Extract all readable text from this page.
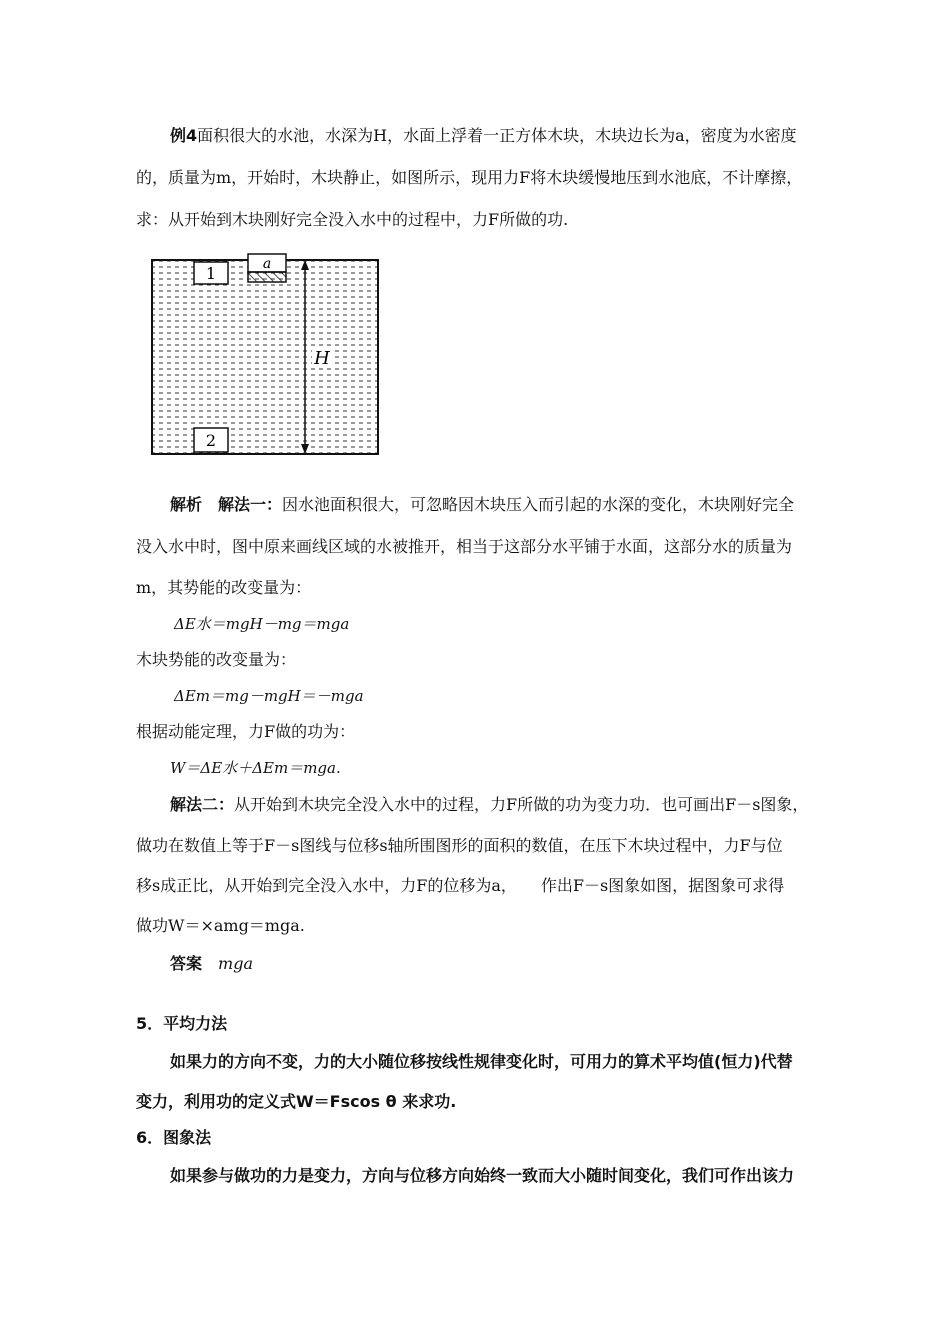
例4面积很大的水池，水深为H，水面上浮着一正方体木块，木块边长为a，密度为水密度
的，质量为m，开始时，木块静止，如图所示，现用力F将木块缓慢地压到水池底，不计摩擦，
求：从开始到木块刚好完全没入水中的过程中，力F所做的功.
1	a
H
2
解析　 解法一：因水池面积很大，可忽略因木块压入而引起的水深的变化，木块刚好完全
没入水中时，图中原来画线区域的水被推开，相当于这部分水平铺于水面，这部分水的质量为
m，其势能的改变量为：
ΔE水＝mgH－mg＝mga
木块势能的改变量为：
ΔEm＝mg－mgH＝－mga
根据动能定理，力F做的功为：
W＝ΔE水＋ΔEm＝mga.
解法二：从开始到木块完全没入水中的过程，力F所做的功为变力功．也可画出F－s图象，
做功在数值上等于F－s图线与位移s轴所围图形的面积的数值，在压下木块过程中，力F与位
移s成正比，从开始到完全没入水中，力F的位移为a，　　作出F－s图象如图，据图象可求得
做功W＝×amg＝mga.
答案　 mga
5．平均力法
如果力的方向不变，力的大小随位移按线性规律变化时，可用力的算术平均值(恒力)代替
变力，利用功的定义式W＝Fscos θ 来求功.
6．图象法
如果参与做功的力是变力，方向与位移方向始终一致而大小随时间变化，我们可作出该力
